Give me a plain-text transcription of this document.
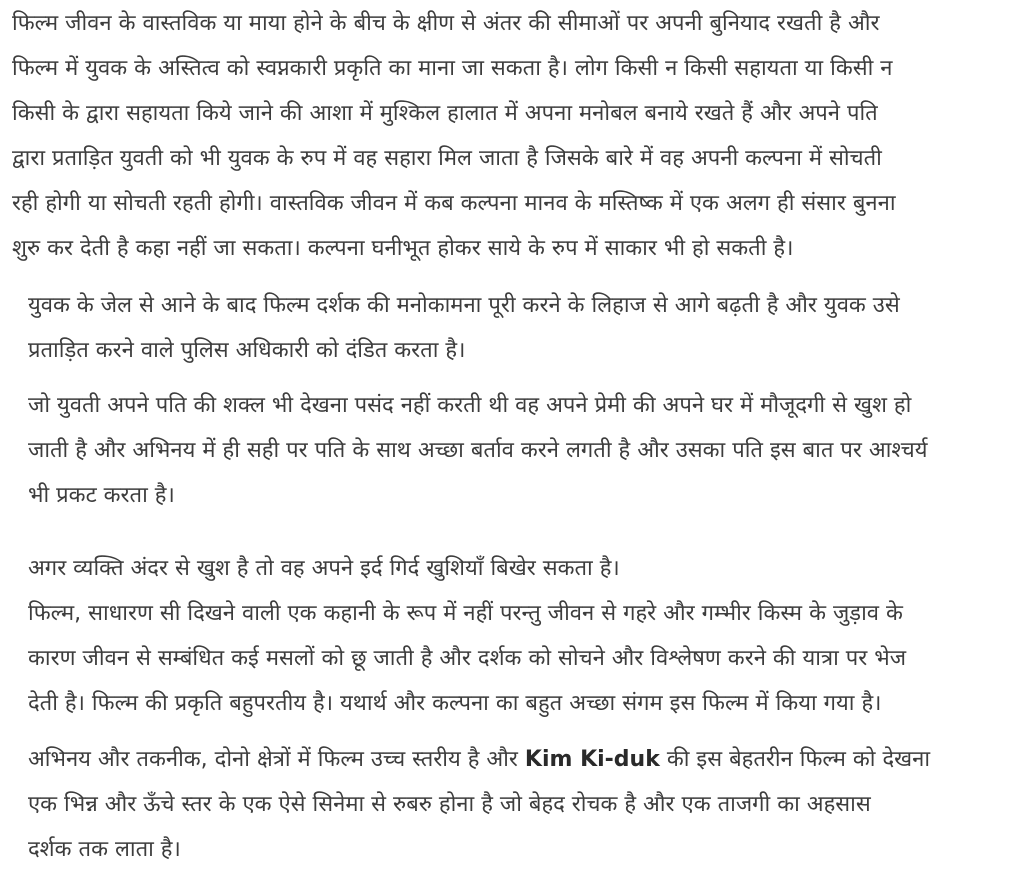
फिल्म जीवन के वास्तविक या माया होने के बीच के क्षीण से अंतर की सीमाओं पर अपनी बुनियाद रखती है और
फिल्म में युवक के अस्तित्व को स्वप्नकारी प्रकृति का माना जा सकता है। लोग किसी न किसी सहायता या किसी न
किसी के द्वारा सहायता किये जाने की आशा में मुश्किल हालात में अपना मनोबल बनाये रखते हैं और अपने पति
द्वारा प्रताड़ित युवती को भी युवक के रुप में वह सहारा मिल जाता है जिसके बारे में वह अपनी कल्पना में सोचती
रही होगी या सोचती रहती होगी। वास्तविक जीवन में कब कल्पना मानव के मस्तिष्क में एक अलग ही संसार बुनना
शुरु कर देती है कहा नहीं जा सकता। कल्पना घनीभूत होकर साये के रुप में साकार भी हो सकती है।

युवक के जेल से आने के बाद फिल्म दर्शक की मनोकामना पूरी करने के लिहाज से आगे बढ़ती है और युवक उसे
प्रताड़ित करने वाले पुलिस अधिकारी को दंडित करता है।

जो युवती अपने पति की शक्ल भी देखना पसंद नहीं करती थी वह अपने प्रेमी की अपने घर में मौजूदगी से खुश हो
जाती है और अभिनय में ही सही पर पति के साथ अच्छा बर्ताव करने लगती है और उसका पति इस बात पर आश्चर्य
भी प्रकट करता है।

अगर व्यक्ति अंदर से खुश है तो वह अपने इर्द गिर्द खुशियाँ बिखेर सकता है।
फिल्म, साधारण सी दिखने वाली एक कहानी के रूप में नहीं परन्तु जीवन से गहरे और गम्भीर किस्म के जुड़ाव के
कारण जीवन से सम्बंधित कई मसलों को छू जाती है और दर्शक को सोचने और विश्लेषण करने की यात्रा पर भेज
देती है। फिल्म की प्रकृति बहुपरतीय है। यथार्थ और कल्पना का बहुत अच्छा संगम इस फिल्म में किया गया है।

अभिनय और तकनीक, दोनो क्षेत्रों में फिल्म उच्च स्तरीय है और Kim Ki-duk की इस बेहतरीन फिल्म को देखना
एक भिन्न और ऊँचे स्तर के एक ऐसे सिनेमा से रुबरु होना है जो बेहद रोचक है और एक ताजगी का अहसास
दर्शक तक लाता है।
